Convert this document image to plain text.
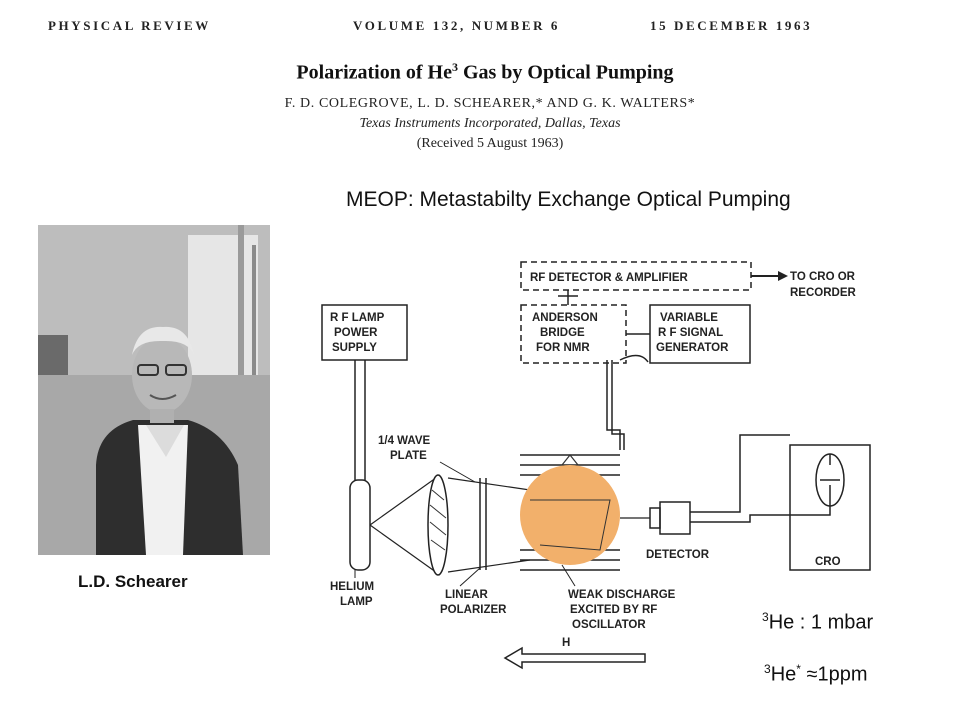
PHYSICAL REVIEW	VOLUME 132, NUMBER 6	15 DECEMBER 1963
Polarization of He$^3$ Gas by Optical Pumping
F. D. COLEGROVE, L. D. SCHEARER,* AND G. K. WALTERS*
Texas Instruments Incorporated, Dallas, Texas
(Received 5 August 1963)
MEOP: Metastabilty Exchange Optical Pumping
L.D. Schearer
RF DETECTOR & AMPLIFIER	TO CRO OR
RECORDER
ANDERSON
BRIDGE
FOR NMR
VARIABLE
R F SIGNAL
GENERATOR
R F LAMP
POWER
SUPPLY
1/4 WAVE
PLATE
DETECTOR
CRO
HELIUM
LAMP
LINEAR
POLARIZER
WEAK DISCHARGE
EXCITED BY RF
OSCILLATOR
H
$^3$He : 1 mbar
$^3$He* ≈1ppm
